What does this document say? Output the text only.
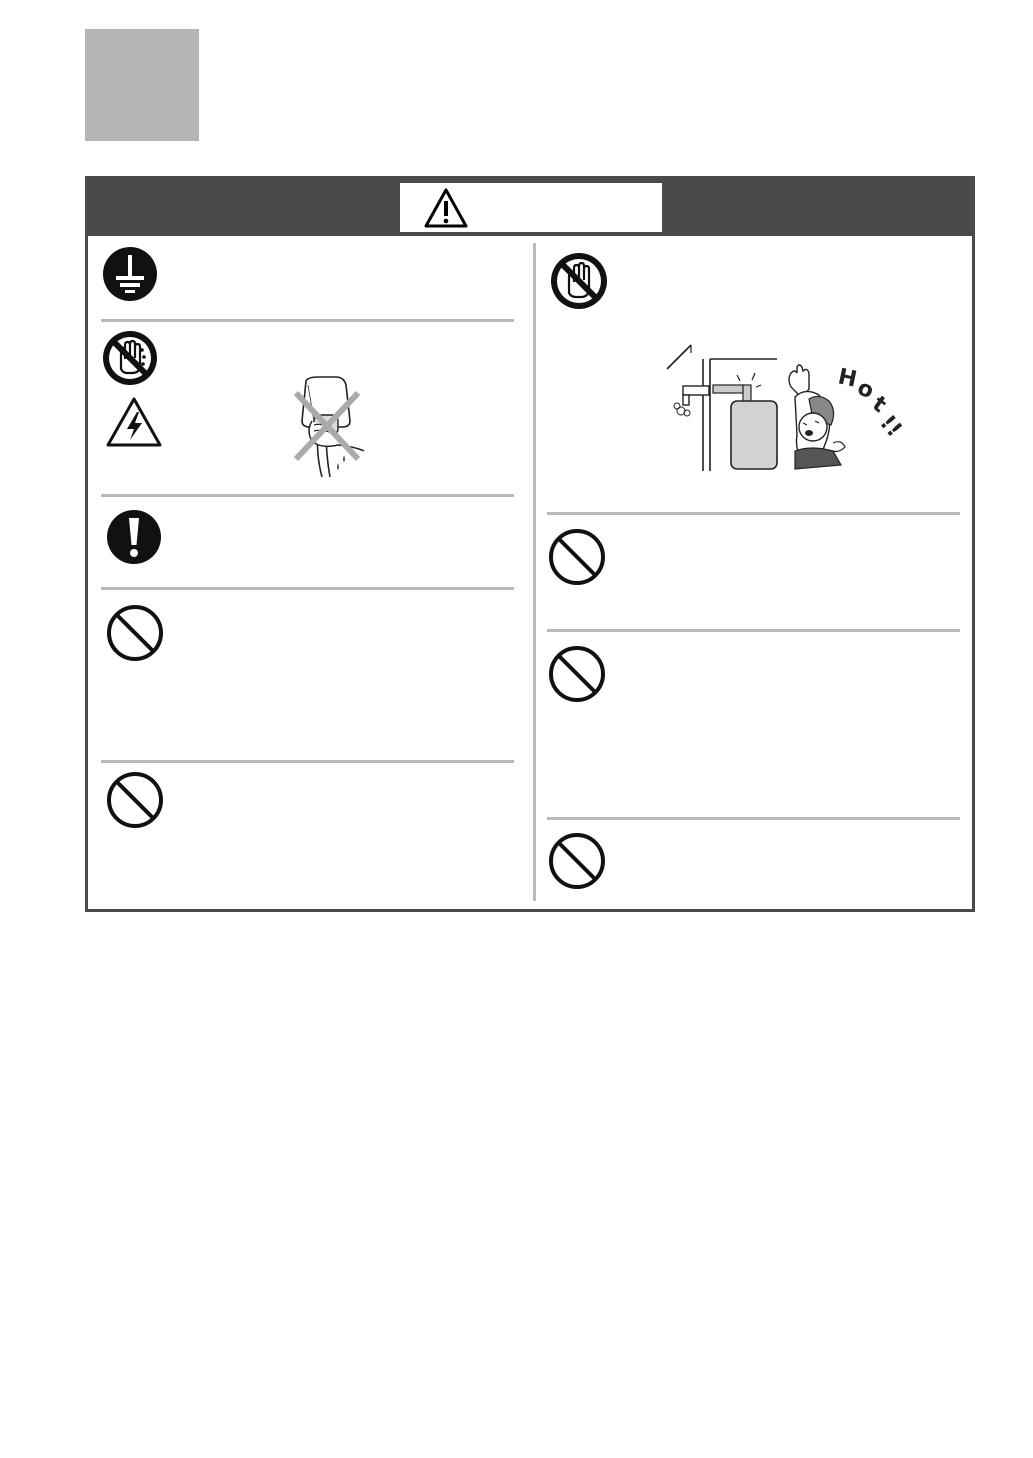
H
o
t
!!
